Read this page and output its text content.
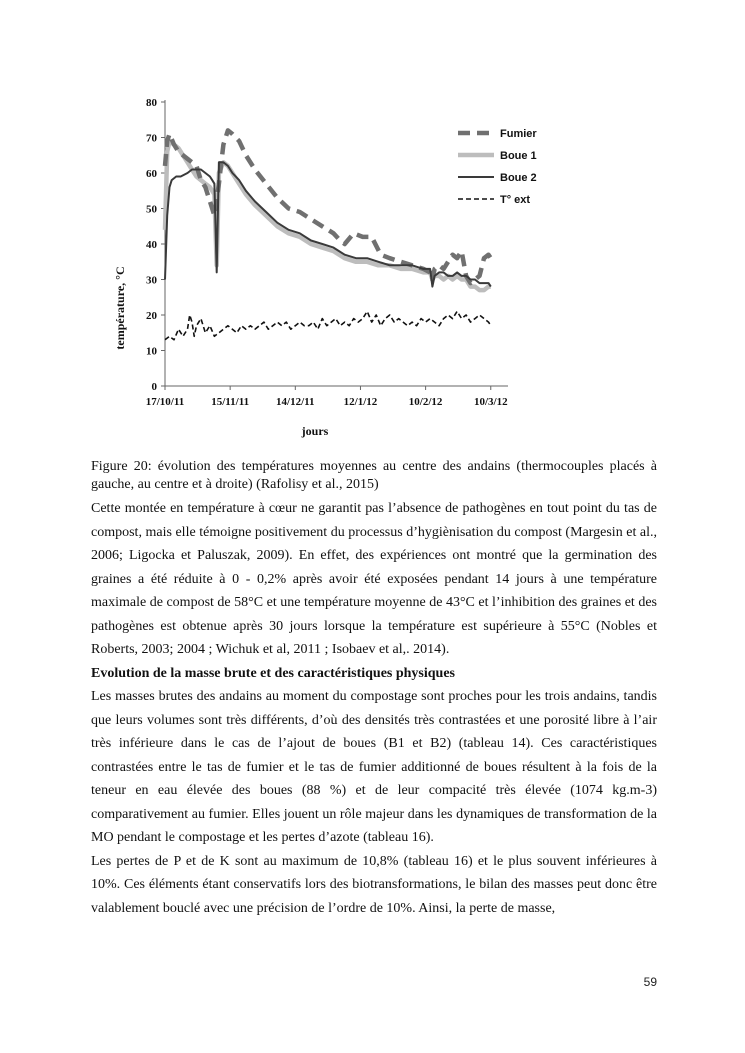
0
10
20
30
40
50
60
70
80
17/10/11 15/11/11 14/12/11	12/1/12	10/2/12	10/3/12
Fumier
Boue 1
Boue 2
T° ext
température, °C
jours
Figure 20: évolution des températures moyennes au centre des andains (thermocouples placés à gauche, au centre et à droite) (Rafolisy et al., 2015)

Cette montée en température à cœur ne garantit pas l’absence de pathogènes en tout point du tas de compost, mais elle témoigne positivement du processus d’hygiènisation du compost (Margesin et al., 2006; Ligocka et Paluszak, 2009). En effet, des expériences ont montré que la germination des graines a été réduite à 0 - 0,2% après avoir été exposées pendant 14 jours à une température maximale de compost de 58°C et une température moyenne de 43°C et l’inhibition des graines et des pathogènes est obtenue après 30 jours lorsque la température est supérieure à 55°C (Nobles et Roberts, 2003; 2004 ; Wichuk et al, 2011 ; Isobaev et al,. 2014).

Evolution de la masse brute et des caractéristiques physiques

Les masses brutes des andains au moment du compostage sont proches pour les trois andains, tandis que leurs volumes sont très différents, d’où des densités très contrastées et une porosité libre à l’air très inférieure dans le cas de l’ajout de boues (B1 et B2) (tableau 14). Ces caractéristiques contrastées entre le tas de fumier et le tas de fumier additionné de boues résultent à la fois de la teneur en eau élevée des boues (88 %) et de leur compacité très élevée (1074 kg.m-3) comparativement au fumier. Elles jouent un rôle majeur dans les dynamiques de transformation de la MO pendant le compostage et les pertes d’azote (tableau 16).

Les pertes de P et de K sont au maximum de 10,8% (tableau 16) et le plus souvent inférieures à 10%. Ces éléments étant conservatifs lors des biotransformations, le bilan des masses peut donc être valablement bouclé avec une précision de l’ordre de 10%. Ainsi, la perte de masse,

59
